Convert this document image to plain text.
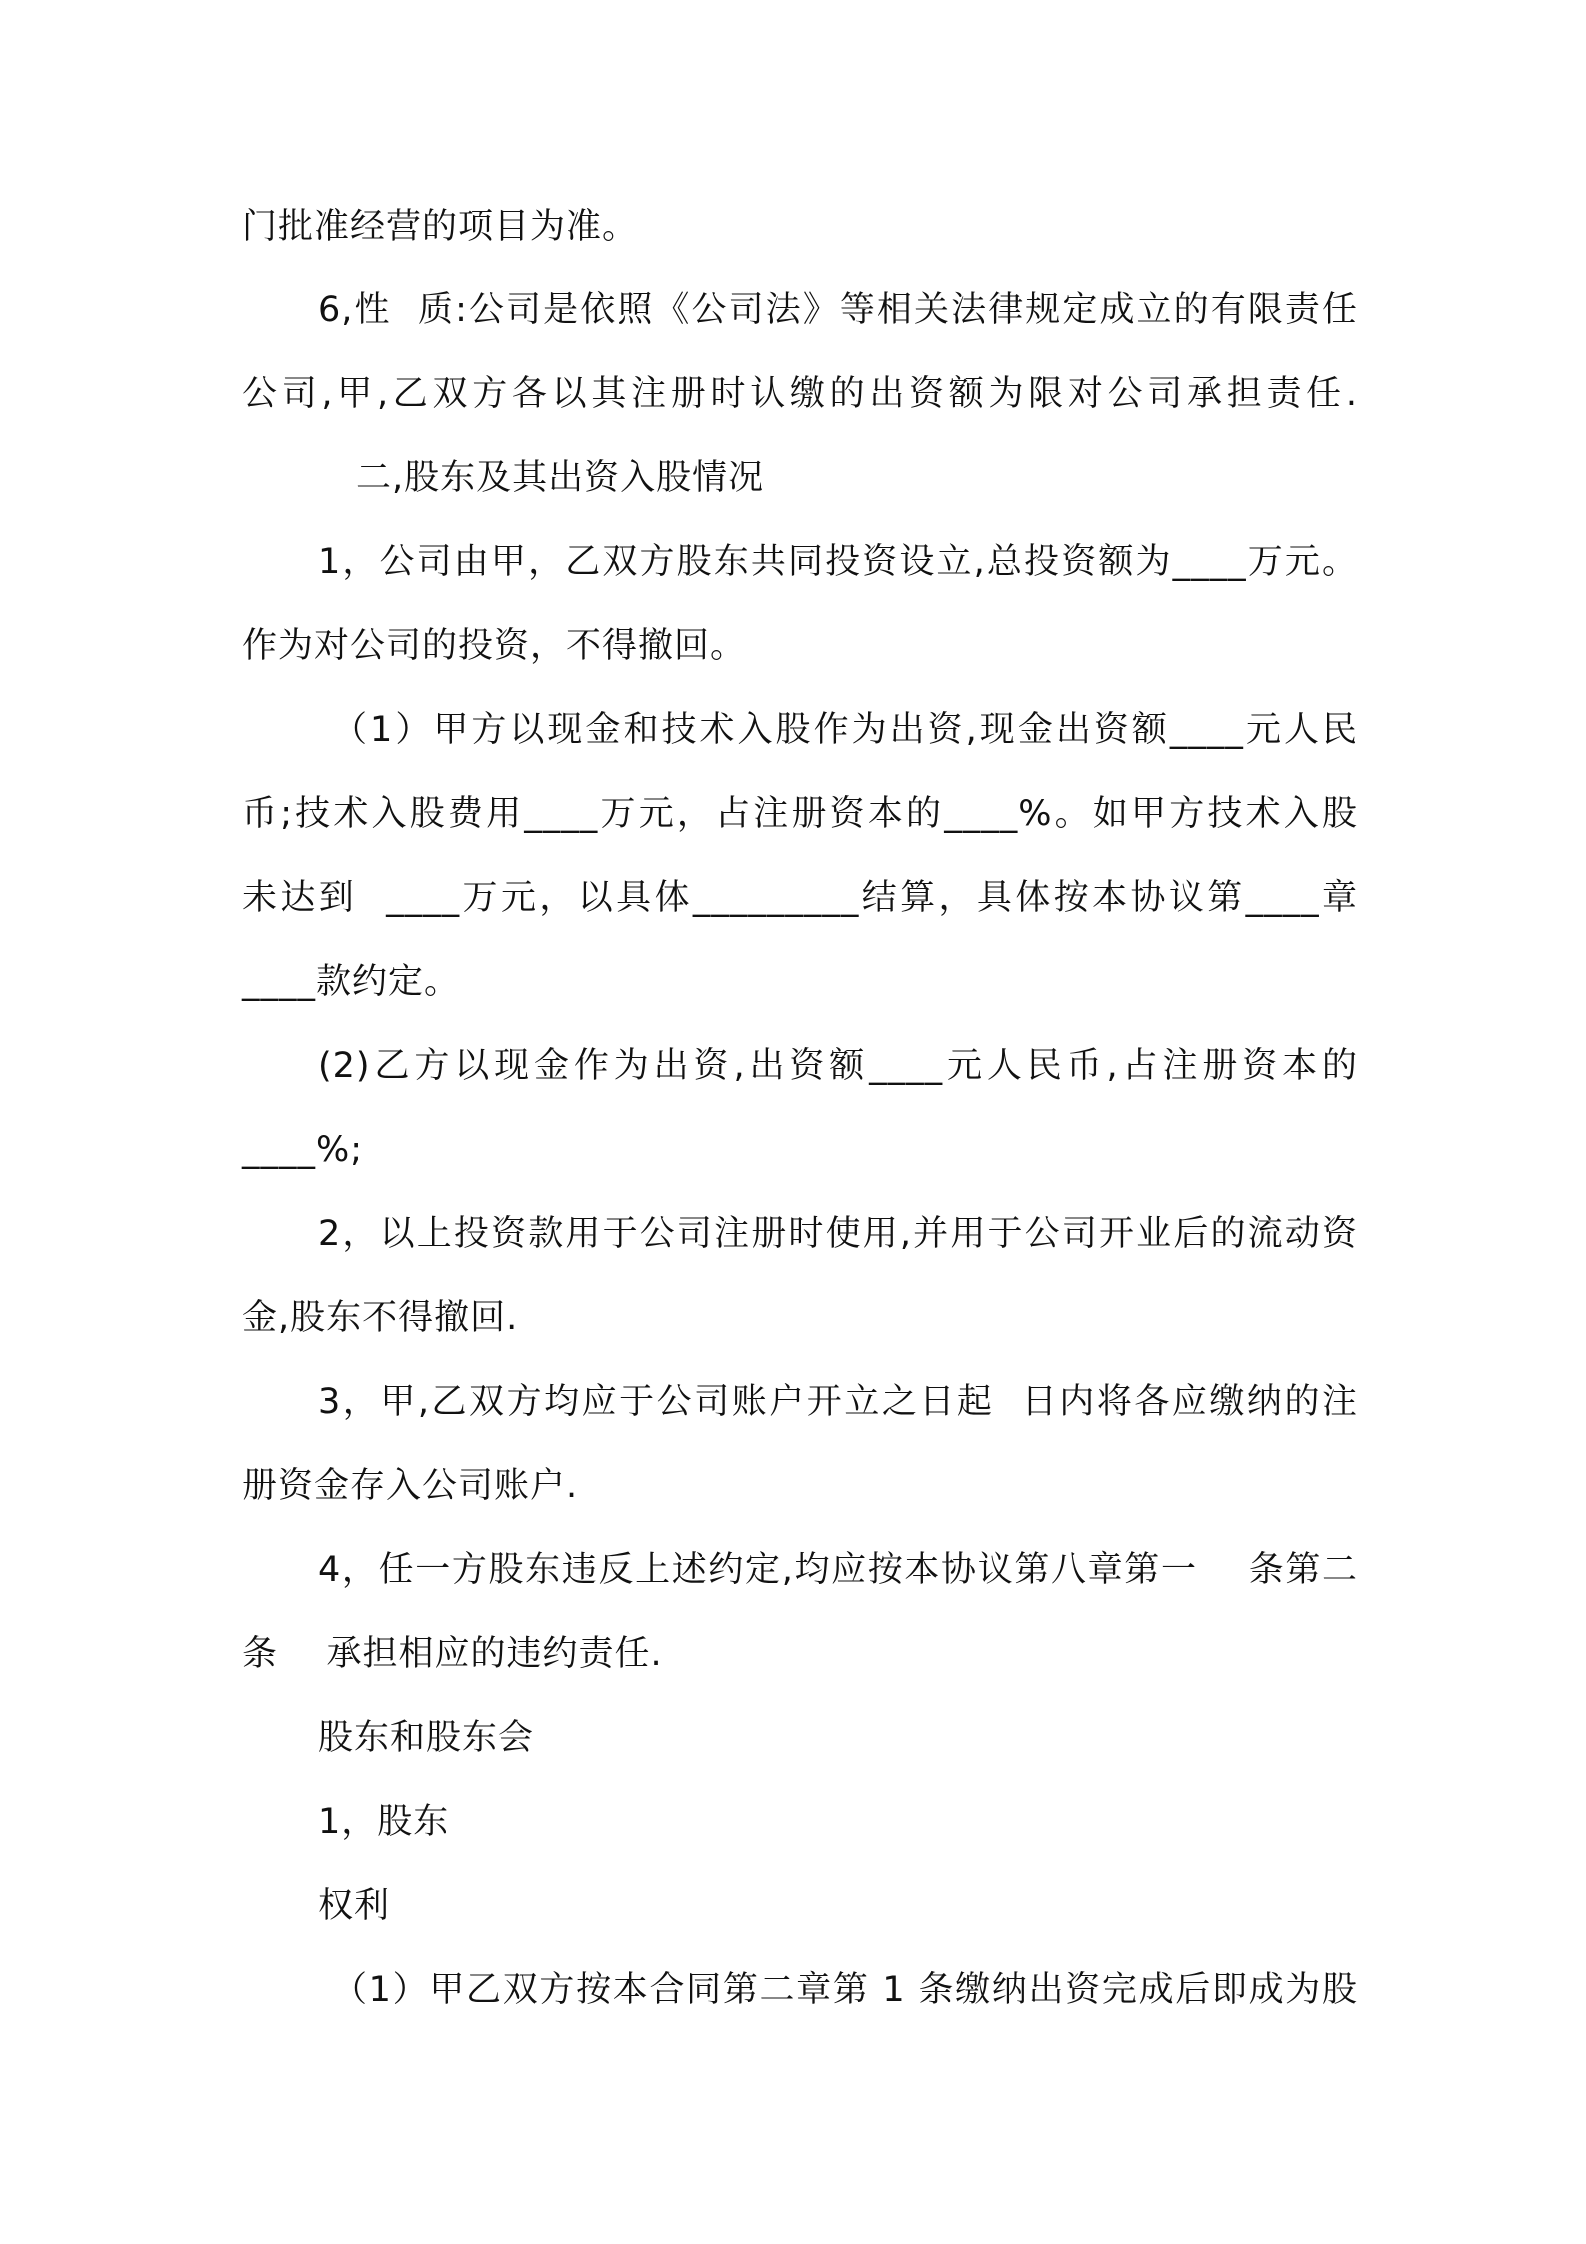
门批准经营的项目为准。
6,性  质:公司是依照《公司法》等相关法律规定成立的有限责任
公司,甲,乙双方各以其注册时认缴的出资额为限对公司承担责任.
二,股东及其出资入股情况
1，公司由甲，乙双方股东共同投资设立,总投资额为____万元。
作为对公司的投资，不得撤回。
（1）甲方以现金和技术入股作为出资,现金出资额____元人民
币;技术入股费用____万元，占注册资本的____%。如甲方技术入股
未达到  ____万元，以具体_________结算，具体按本协议第____章
____款约定。
(2)乙方以现金作为出资,出资额____元人民币,占注册资本的
____%;
2，以上投资款用于公司注册时使用,并用于公司开业后的流动资
金,股东不得撤回.
3，甲,乙双方均应于公司账户开立之日起  日内将各应缴纳的注
册资金存入公司账户.
4，任一方股东违反上述约定,均应按本协议第八章第一    条第二
条    承担相应的违约责任.
股东和股东会
1，股东
权利
（1）甲乙双方按本合同第二章第 1 条缴纳出资完成后即成为股
